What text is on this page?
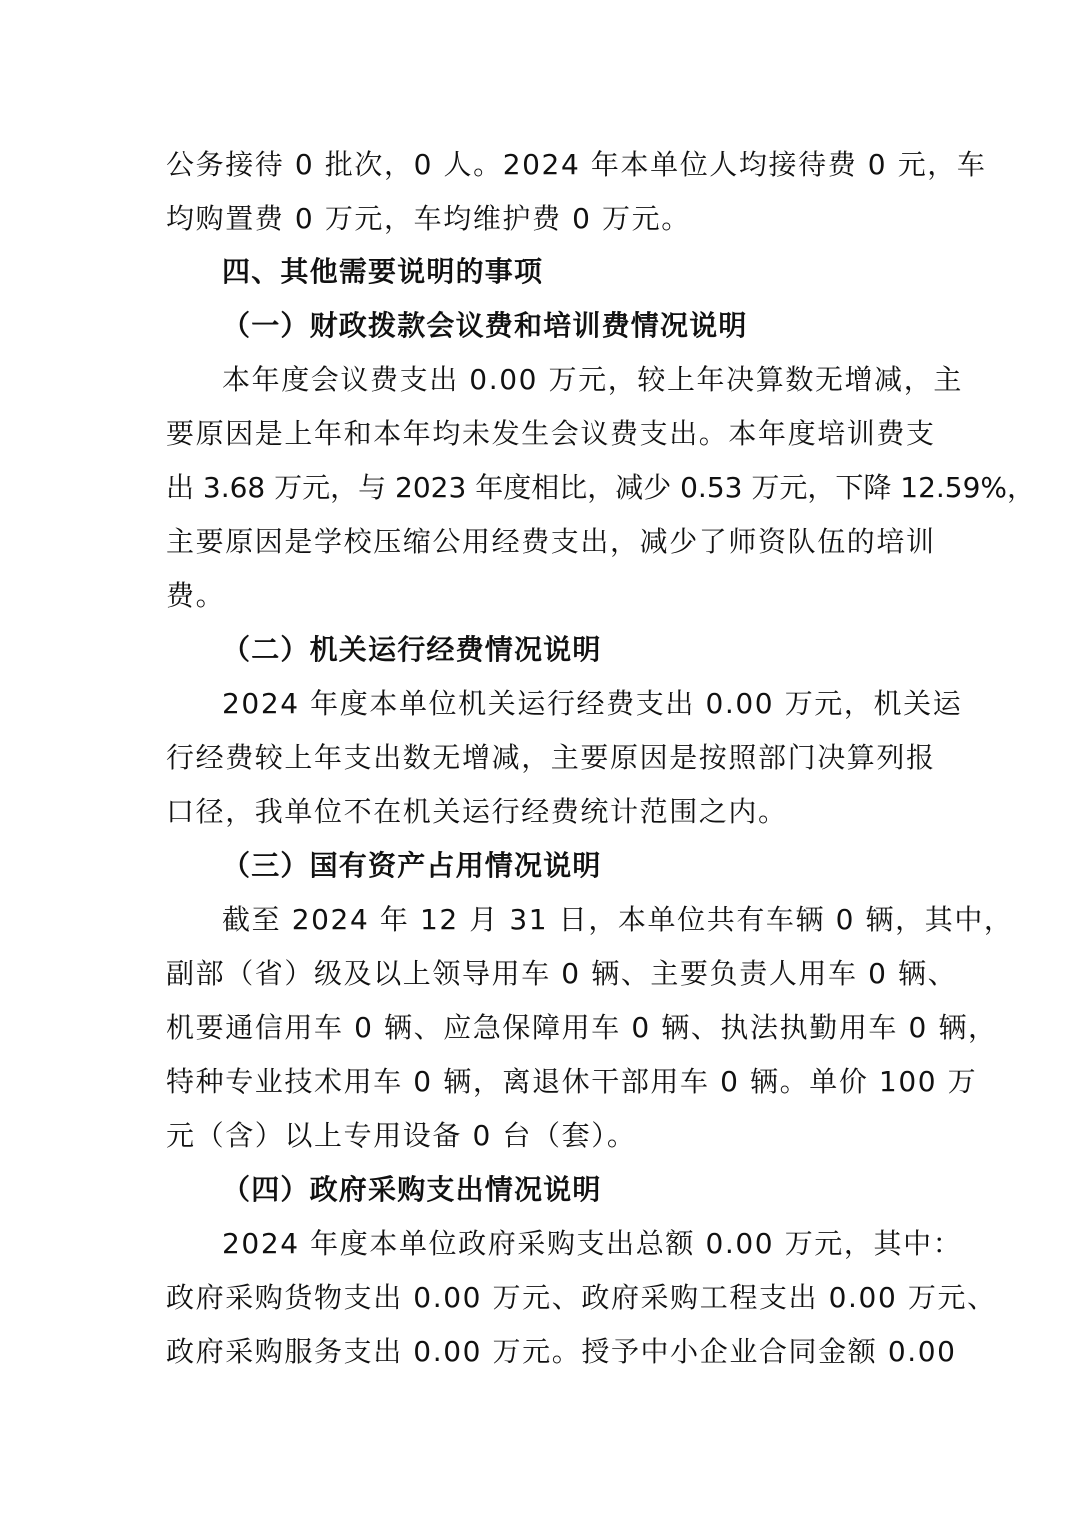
公务接待 0 批次，0 人。2024 年本单位人均接待费 0 元，车
均购置费 0 万元，车均维护费 0 万元。
四、其他需要说明的事项
（一）财政拨款会议费和培训费情况说明
本年度会议费支出 0.00 万元，较上年决算数无增减，主
要原因是上年和本年均未发生会议费支出。本年度培训费支
出 3.68 万元，与 2023 年度相比，减少 0.53 万元，下降 12.59%，
主要原因是学校压缩公用经费支出，减少了师资队伍的培训
费。
（二）机关运行经费情况说明
2024 年度本单位机关运行经费支出 0.00 万元，机关运
行经费较上年支出数无增减，主要原因是按照部门决算列报
口径，我单位不在机关运行经费统计范围之内。
（三）国有资产占用情况说明
截至 2024 年 12 月 31 日，本单位共有车辆 0 辆，其中，
副部（省）级及以上领导用车 0 辆、主要负责人用车 0 辆、
机要通信用车 0 辆、应急保障用车 0 辆、执法执勤用车 0 辆，
特种专业技术用车 0 辆，离退休干部用车 0 辆。单价 100 万
元（含）以上专用设备 0 台（套）。
（四）政府采购支出情况说明
2024 年度本单位政府采购支出总额 0.00 万元，其中：
政府采购货物支出 0.00 万元、政府采购工程支出 0.00 万元、
政府采购服务支出 0.00 万元。授予中小企业合同金额 0.00
